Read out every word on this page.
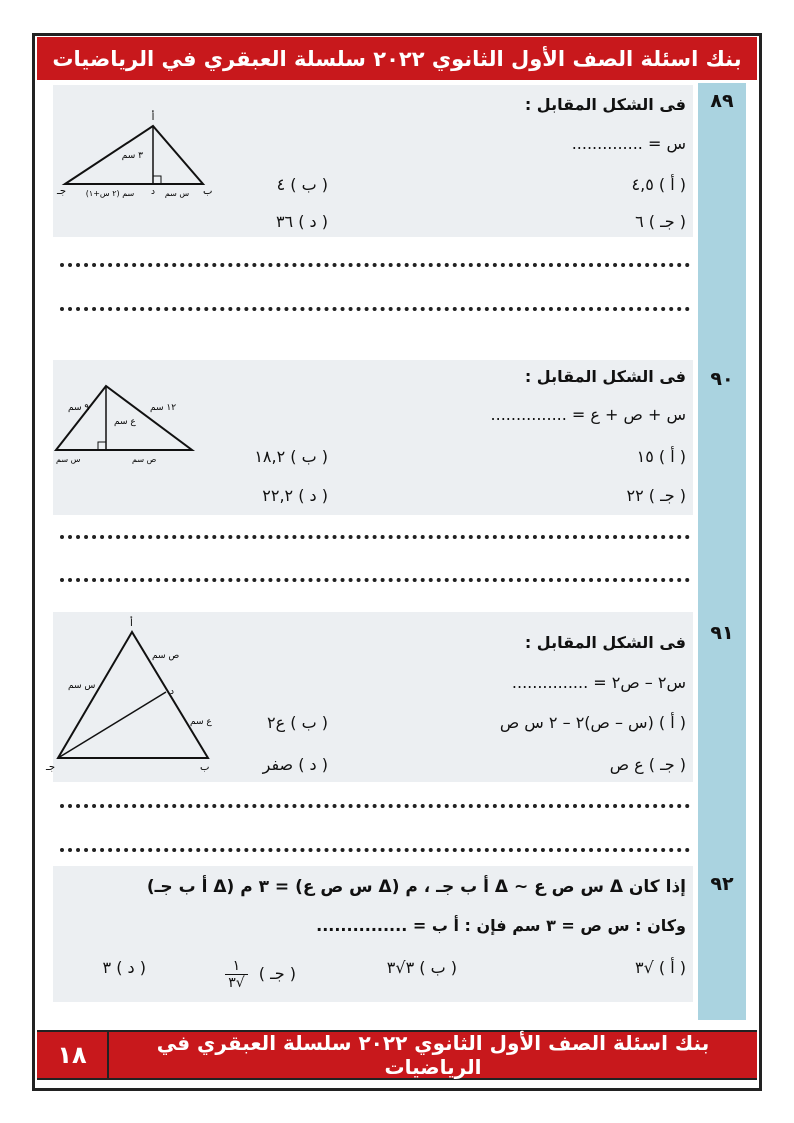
بنك اسئلة الصف الأول الثانوي ٢٠٢٢ سلسلة العبقري في الرياضيات
٨٩
فى الشكل المقابل :
س = ..............
( أ ) ٤,٥
( ب ) ٤
( جـ ) ٦
( د ) ٣٦
أ
جـ	ب
د
٣ سم
(٢ س+١) سم	س سم
٩٠
فى الشكل المقابل :
س + ص + ع = ...............
( أ ) ١٥
( ب ) ١٨,٢
( جـ ) ٢٢
( د ) ٢٢,٢
٩ سم	١٢ سم
ع سم
س سم	ص سم
٩١
فى الشكل المقابل :
س٢ – ص٢ = ...............
( أ ) (س – ص)٢ – ٢ س ص
( ب ) ع٢
( جـ ) ع ص
( د ) صفر
أ
جـ	ب
د
س سم
ص سم
ع سم
٩٢
إذا كان Δ س ص ع ~ Δ أ ب جـ ، م (Δ س ص ع) = ٣ م (Δ أ ب جـ)
وكان : س ص = ٣ سم فإن : أ ب = ...............
( أ ) √٣
( ب ) ٣√٣
( جـ )
١
√٣
( د ) ٣
بنك اسئلة الصف الأول الثانوي ٢٠٢٢ سلسلة العبقري في الرياضيات
١٨
